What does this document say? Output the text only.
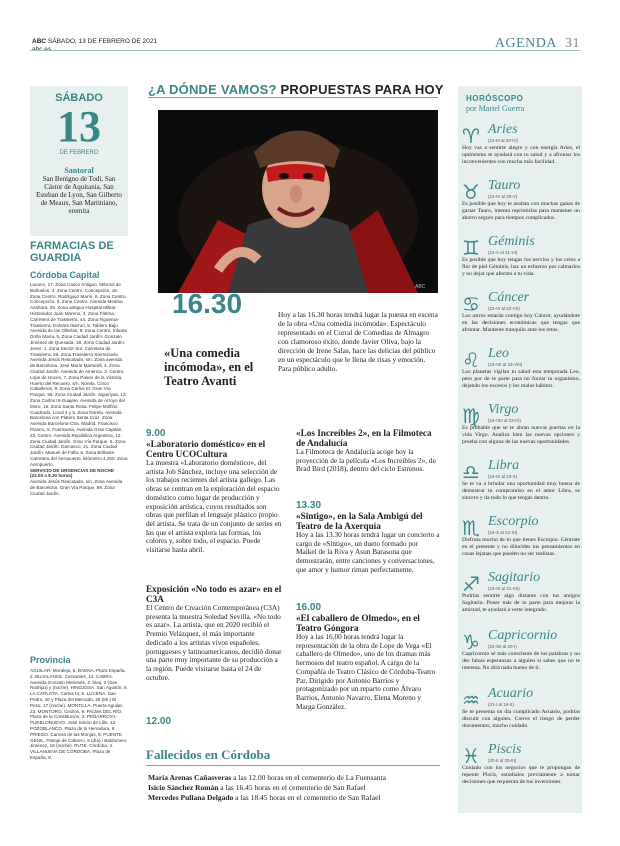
ABC SÁBADO, 13 DE FEBRERO DE 2021
abc.es	AGENDA 31
SÁBADO
13
DE FEBRERO
Santoral
San Benigno de Todi, San Cástor de Aquitania, San Esteban de Lyon, San Gilberto de Meaux, San Martiniano, eremita
FARMACIAS DE GUARDIA
Córdoba Capital
Lucano, 17. Zona Casco Antiguo. Mármol de Bañuelos, 4. Zona Centro. Concepción, 16. Zona Centro. Rodríguez Marín, 8. Zona Centro. Concepción, 6. Zona Centro. Avenida Medina Azahara, 29. Zona antiguo Hospital Militar. Historiador Juan Moreno, 4. Zona Fátima. Carretera de Trassierra, 44. Zona Figueroa-Trassierra. Dolores Ibarruri, 5. Tablero Bajo. Avenida de las Ollerías, 8. Zona Centro. Infanta Doña María, 5. Zona Ciudad Jardín. Gonzalo Jiménez de Quesada, 19. Zona Ciudad Jardín. Jerez, 1. Zona Sector Sur. Carretera de Trassierra, 36. Zona Trassierra-Sierrezuela. Avenida Jesús Rescatado, s/n. Zona avenida de Barcelona. José María Martorell, 4. Zona Ciudad Jardín. Avenida de América, 3. Centro. Lope de Hoces, 7. Zona Paseo de la Victoria. Huerto del Recuero, s/n. Norela. Cinco Caballeros, 9. Zona Carlos III. Gran Vía Parque, 59. Zona Ciudad Jardín. Siguiriyas, 13. Zona Carlos III-Guajete. Avenida de Arroyo del Moro, 15. Zona Santa Rosa. Felipe Molfino Cuadrado, Local 4 y 5. Zona Norela. Avenida Barcelona con Platero Santa Cruz. Zona Avenida Barcelona-Ctra. Madrid. Francisco Pizarro, 8. Fuensanta. Avenida Gran Capitán, 23. Centro. Avenida República Argentina, 12. Zona Ciudad Jardín. Gran Vía Parque, 5. Zona Ciudad Jardín. Damasco, 21. Zona Ciudad Jardín. Manuel de Falla, 6. Zona Brillante. Carretera del Aeropuerto, kilómetro 4,250. Zona Aeropuerto.
SERVICIO DE URGENCIAS DE NOCHE (22.00 a 9.30 horas)
Avenida Jesús Rescatado, s/n. Zona Avenida de Barcelona. Gran Vía Parque, 59. Zona Ciudad Jardín.
Provincia
AGUILAR. Moralejo, 6. BAENA. Plaza España, 2. BUJALANCE. Cervantes, 14. CABRA. Avenida Gonzalo Meneses, 2, bloq. 2 (San Rodrigo) y (noche). HINOJOSA. San Agustín, 6. LA CARLOTA. Carlos III, 5. LUCENA. San Pedro, 40 y Plaza del Mercado, 28 (Mi.) El Peso, 17 (noche). MONTILLA. Puerta Aguilar, 23. MONTORO. Cedros, 9. PALMA DEL RÍO. Plaza de la Constitución, 2. PEÑARROYA-PUEBLONUEVO. José Simón de Lillo, 13. POZOBLANCO. Plaza de la Herradura, 9. PRIEGO. Carrera de las Monjas, 8. PUENTE GENIL. Pasaje de Cabrero, 6 (día) / Baldomero Jiménez, 18 (noche). RUTE. Córdoba, 4. VILLANUEVA DE CÓRDOBA. Plaza de España, 9.
¿A DÓNDE VAMOS? PROPUESTAS PARA HOY
ABC
16.30
«Una comedia incómoda», en el Teatro Avanti
Hoy a las 16.30 horas tendrá lugar la puesta en escena de la obra «Una comedia incómoda». Espectáculo representado en el Corral de Comedias de Almagro con clamoroso éxito, donde Javier Oliva, bajo la dirección de Irene Salas, hace las delicias del público en un espectáculo que le llena de risas y emoción. Para público adulto.
9.00
«Laboratorio doméstico» en el Centro UCOCultura
La muestra «Laboratorio doméstico», del artista Job Sánchez, incluye una selección de los trabajos recientes del artista gallego. Las obras se centran en la exploración del espacio doméstico como lugar de producción y exposición artística, cuyos resultados son obras que perfilan el lenguaje plástico propio del artista. Se trata de un conjunto de series en las que el artista explora las formas, los colores y, sobre todo, el espacio. Puede visitarse hasta abril.
Exposición «No todo es azar» en el C3A
El Centro de Creación Contemporánea (C3A) presenta la muestra Soledad Sevilla. «No todo es azar». La artista, que en 2020 recibió el Premio Velázquez, el más importante dedicado a los artistas vivos españoles, portugueses y latinoamericanos, decidió donar una parte muy importante de su producción a la región. Puede visitarse hasta el 24 de octubre.
12.00
«Los Increíbles 2», en la Filmoteca de Andalucía
La Filmoteca de Andalucía acoge hoy la proyección de la película «Los Increíbles 2», de Brad Bird (2018), dentro del ciclo Estrenos.
13.30
«Sintigo», en la Sala Ambigú del Teatro de la Axerquía
Hoy a las 13.30 horas tendrá lugar un concierto a cargo de «Sintigo», un dueto formado por Maikel de la Riva y Asun Barasona que demostrarán, entre canciones y conversaciones, que amor y humor riman perfectamente.
16.00
«El caballero de Olmedo», en el Teatro Góngora
Hoy a las 16.00 horas tendrá lugar la representación de la obra de Lope de Vega «El caballero de Olmedo», uno de los dramas más hermosos del teatro español. A cargo de la Compañía de Teatro Clásico de Córdoba-Teatro Par. Dirigido por Antonio Barrios y protagonizado por un reparto como Álvaro Barrios, Antonio Navarro, Elena Moreno y Marga González.
Fallecidos en Córdoba
María Arenas Cañasveras a las 12.00 horas en el cementerio de La Fuensanta
Isicio Sánchez Román a las 16.45 horas en el cementerio de San Rafael
Mercedes Pullana Delgado a las 18.45 horas en el cementerio de San Rafael
HORÓSCOPO
por Mariel Guerra
♈ Aries
(21-III al 20-IV)
Hoy vas a sentirte alegre y con energía Aries, el optimismo te ayudará con tu salud y a afrontar los inconvenientes con mucha más facilidad.
♉ Tauro
(21-IV al 20-V)
Es posible que hoy te asaltan con muchas ganas de gastar Tauro, intenta reprimirlas para mantener un ahorro seguro para tiempos complicados.
♊ Géminis
(21-V al 21-VI)
Es posible que hoy tengas los nervios y los celos a flor de piel Géminis, haz un esfuerzo por calmarlos y no dejar que afecten a tu vida.
♋ Cáncer
(22-VI al 22-VII)
Los astros estarán contigo hoy Cáncer, ayudándote en las decisiones económicas que tengas que afrontar. Mantente tranquilo ante los retos.
♌ Leo
(23-VII al 23-VIII)
Los planetas vigilan tu salud esta temporada Leo, pero por de te parte para no forzar tu organismo, dejando los excesos y los malos hábitos.
♍ Virgo
(24-VIII al 23-IX)
Es probable que se te abran nuevas puertas en la vida Virgo. Analiza bien las nuevas opciones y prueba con alguna de las nuevas oportunidades.
♎ Libra
(24-IX al 23-X)
Se te va a brindar una oportunidad muy buena de demostrar tu compromiso en el amor Libra, se sincero y da todo lo que tengas dentro.
♏ Escorpio
(24-X al 22-XI)
Disfruta mucho de lo que tienes Escorpio. Céntrate en el presente y no dilucides tus pensamientos en cosas lejanas que pueden no ser realistas.
♐ Sagitario
(23-XI al 21-XII)
Podrías sentirte algo distante con tus amigos Sagitario. Poner más de tu parte para mejorar la amistad, te ayudará a verte integrado.
♑ Capricornio
(22-XII al 20-I)
Capricornio sé más consciente de tus palabras y no des falsas esperanzas a alguien si sabes que no te interesa. No dirá nada bueno de ti.
♒ Acuario
(21-I al 19-II)
Se te presenta un día complicado Acuario, podrías discutir con alguien. Corres el riesgo de perder documentos, mucho cuidado.
♓ Piscis
(20-II al 20-III)
Cuidado con los negocios que te propongan de repente Piscis, estúdialos previamente a tomar decisiones que requieran de tus inversiones.
